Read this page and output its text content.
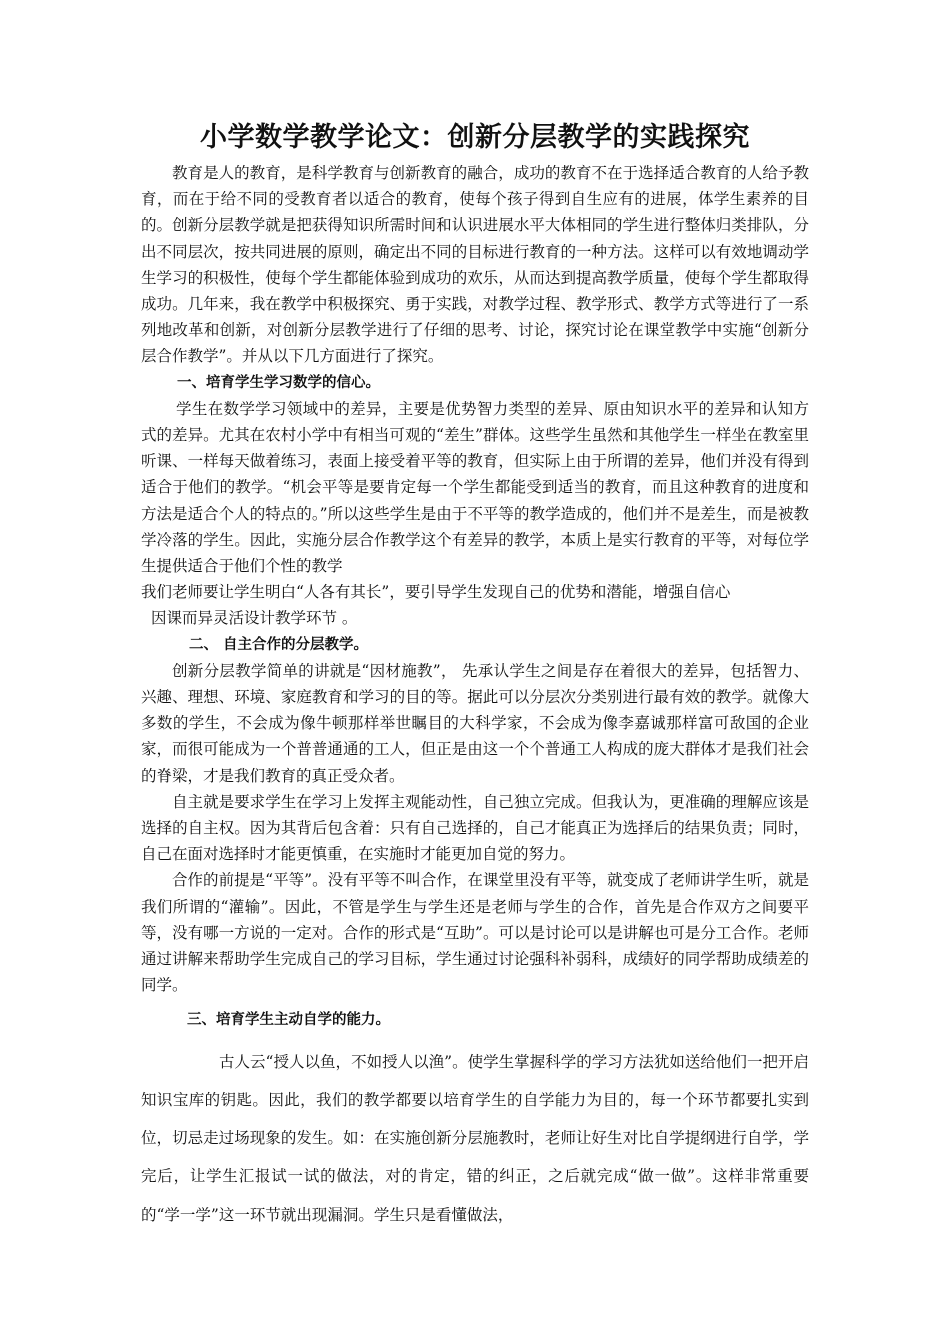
小学数学教学论文：创新分层教学的实践探究

教育是人的教育，是科学教育与创新教育的融合，成功的教育不在于选择适合教育的人给予教育，而在于给不同的受教育者以适合的教育，使每个孩子得到自生应有的进展，体学生素养的目的。创新分层教学就是把获得知识所需时间和认识进展水平大体相同的学生进行整体归类排队，分出不同层次，按共同进展的原则，确定出不同的目标进行教育的一种方法。这样可以有效地调动学生学习的积极性，使每个学生都能体验到成功的欢乐，从而达到提高教学质量，使每个学生都取得成功。几年来，我在教学中积极探究、勇于实践，对教学过程、教学形式、教学方式等进行了一系列地改革和创新，对创新分层教学进行了仔细的思考、讨论，探究讨论在课堂教学中实施“创新分层合作教学”。并从以下几方面进行了探究。

一、培育学生学习数学的信心。

学生在数学学习领域中的差异，主要是优势智力类型的差异、原由知识水平的差异和认知方式的差异。尤其在农村小学中有相当可观的“差生”群体。这些学生虽然和其他学生一样坐在教室里听课、一样每天做着练习，表面上接受着平等的教育，但实际上由于所谓的差异，他们并没有得到适合于他们的教学。“机会平等是要肯定每一个学生都能受到适当的教育，而且这种教育的进度和方法是适合个人的特点的。”所以这些学生是由于不平等的教学造成的，他们并不是差生，而是被教学冷落的学生。因此，实施分层合作教学这个有差异的教学，本质上是实行教育的平等，对每位学生提供适合于他们个性的教学

我们老师要让学生明白“人各有其长”，要引导学生发现自己的优势和潜能，增强自信心

因课而异灵活设计教学环节 。

二、 自主合作的分层教学。

创新分层教学简单的讲就是“因材施教”， 先承认学生之间是存在着很大的差异，包括智力、兴趣、理想、环境、家庭教育和学习的目的等。据此可以分层次分类别进行最有效的教学。就像大多数的学生，不会成为像牛顿那样举世瞩目的大科学家，不会成为像李嘉诚那样富可敌国的企业家，而很可能成为一个普普通通的工人，但正是由这一个个普通工人构成的庞大群体才是我们社会的脊梁，才是我们教育的真正受众者。

自主就是要求学生在学习上发挥主观能动性，自己独立完成。但我认为，更准确的理解应该是选择的自主权。因为其背后包含着：只有自己选择的，自己才能真正为选择后的结果负责；同时，自己在面对选择时才能更慎重，在实施时才能更加自觉的努力。

合作的前提是“平等”。没有平等不叫合作，在课堂里没有平等，就变成了老师讲学生听，就是我们所谓的“灌输”。因此，不管是学生与学生还是老师与学生的合作，首先是合作双方之间要平等，没有哪一方说的一定对。合作的形式是“互助”。可以是讨论可以是讲解也可是分工合作。老师通过讲解来帮助学生完成自己的学习目标，学生通过讨论强科补弱科，成绩好的同学帮助成绩差的同学。

三、培育学生主动自学的能力。

古人云“授人以鱼，不如授人以渔”。使学生掌握科学的学习方法犹如送给他们一把开启知识宝库的钥匙。因此，我们的教学都要以培育学生的自学能力为目的，每一个环节都要扎实到位，切忌走过场现象的发生。如：在实施创新分层施教时，老师让好生对比自学提纲进行自学，学完后，让学生汇报试一试的做法，对的肯定，错的纠正，之后就完成“做一做”。这样非常重要的“学一学”这一环节就出现漏洞。学生只是看懂做法，
